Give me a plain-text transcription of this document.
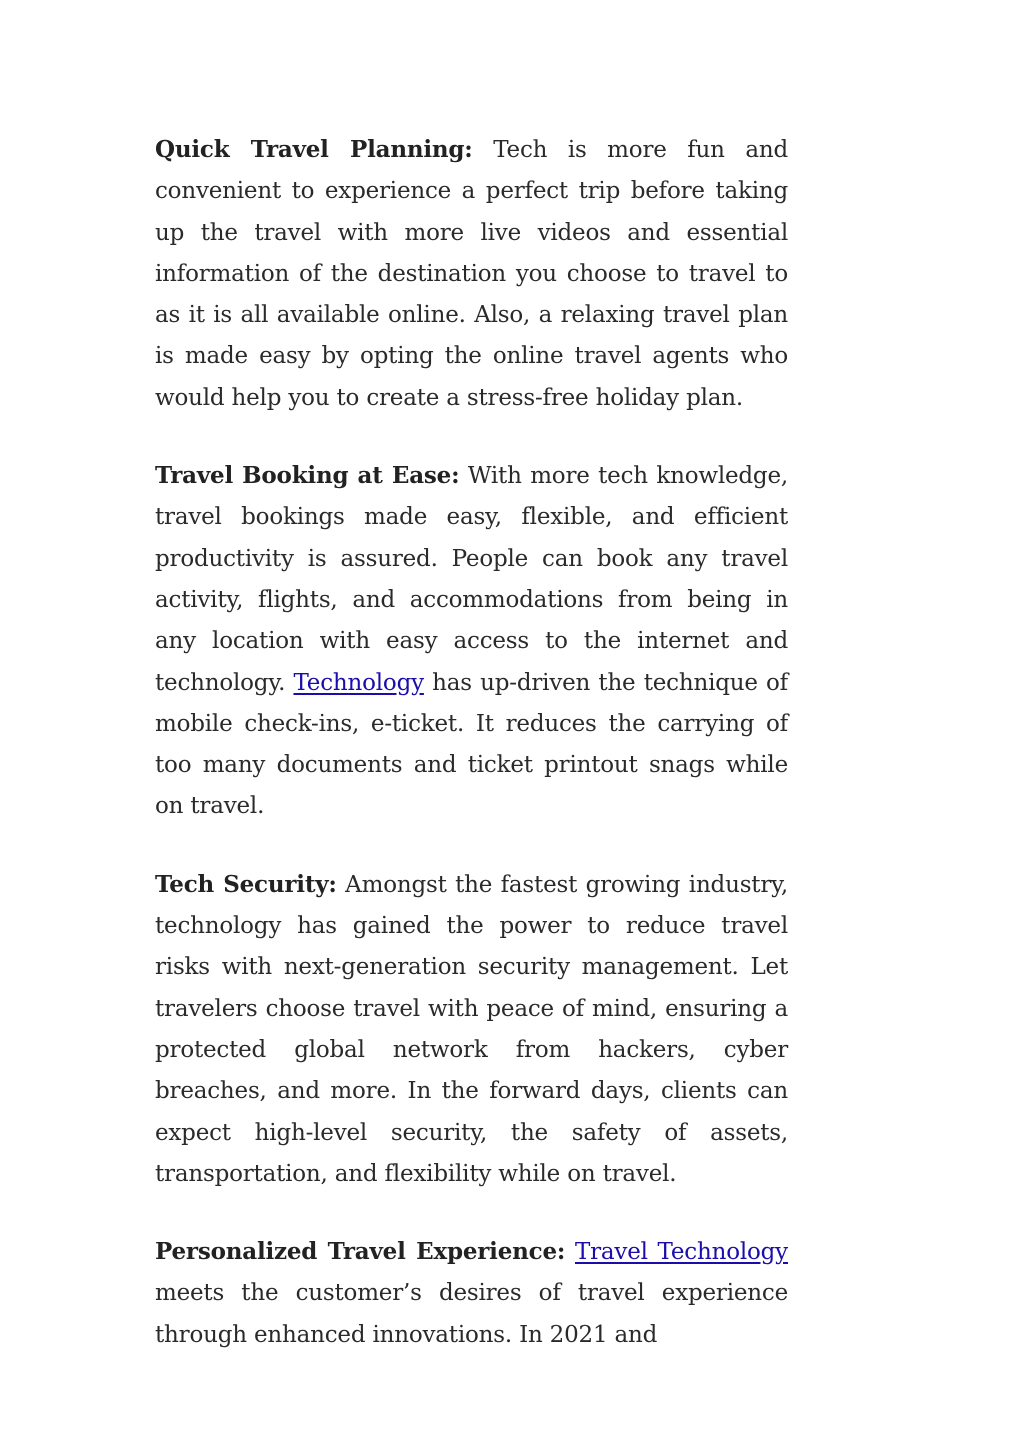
Quick Travel Planning: Tech is more fun and convenient to experience a perfect trip before taking up the travel with more live videos and essential information of the destination you choose to travel to as it is all available online. Also, a relaxing travel plan is made easy by opting the online travel agents who would help you to create a stress-free holiday plan.

Travel Booking at Ease: With more tech knowledge, travel bookings made easy, flexible, and efficient productivity is assured. People can book any travel activity, flights, and accommodations from being in any location with easy access to the internet and technology. Technology has up-driven the technique of mobile check-ins, e-ticket. It reduces the carrying of too many documents and ticket printout snags while on travel.

Tech Security: Amongst the fastest growing industry, technology has gained the power to reduce travel risks with next-generation security management. Let travelers choose travel with peace of mind, ensuring a protected global network from hackers, cyber breaches, and more. In the forward days, clients can expect high-level security, the safety of assets, transportation, and flexibility while on travel.

Personalized Travel Experience: Travel Technology meets the customer’s desires of travel experience through enhanced innovations. In 2021 and
